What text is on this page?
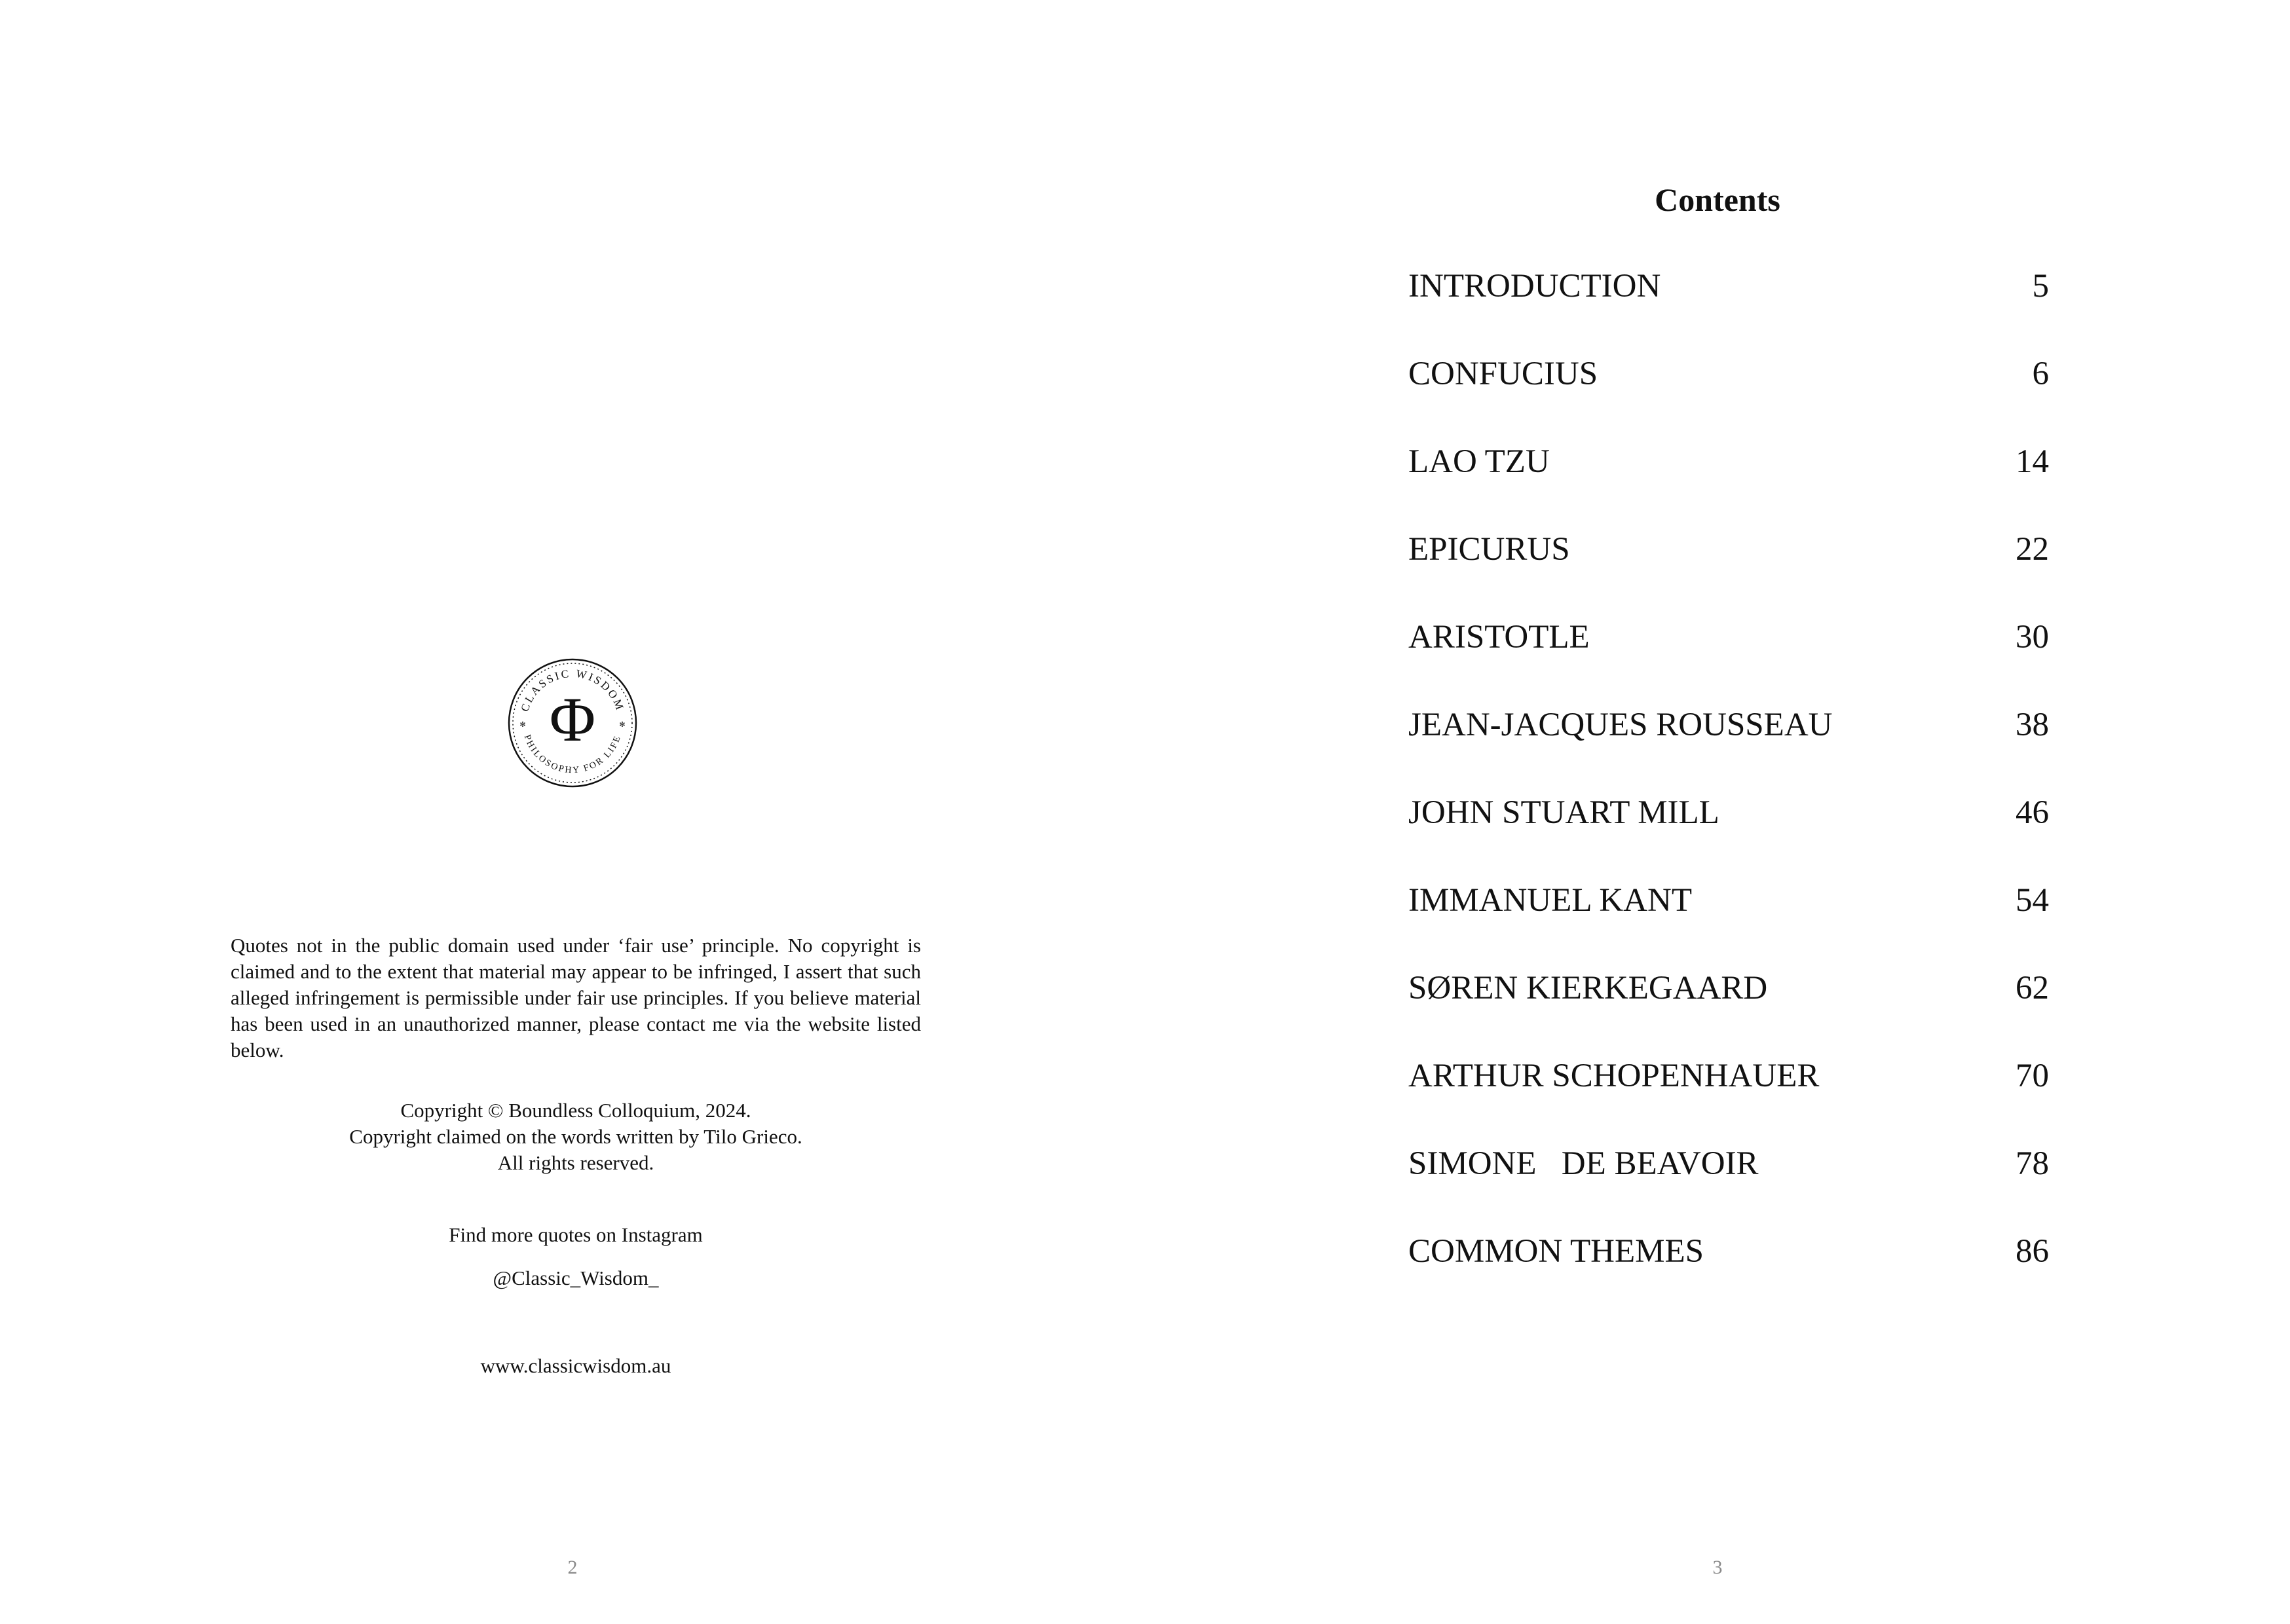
CLASSIC WISDOM
PHILOSOPHY FOR LIFE
✻	✻
Φ

Quotes not in the public domain used under ‘fair use’ principle. No copyright is claimed and to the extent that material may appear to be infringed, I assert that such alleged infringement is permissible under fair use principles. If you believe material has been used in an unauthorized manner, please contact me via the website listed below.

Copyright © Boundless Colloquium, 2024.
Copyright claimed on the words written by Tilo Grieco.
All rights reserved.
Find more quotes on Instagram
@Classic_Wisdom_
www.classicwisdom.au
2
Contents
INTRODUCTION	5
CONFUCIUS	6
LAO TZU	14
EPICURUS	22
ARISTOTLE	30
JEAN-JACQUES ROUSSEAU	38
JOHN STUART MILL	46
IMMANUEL KANT	54
SØREN KIERKEGAARD	62
ARTHUR SCHOPENHAUER	70
SIMONE   DE BEAVOIR	78
COMMON THEMES	86
3
